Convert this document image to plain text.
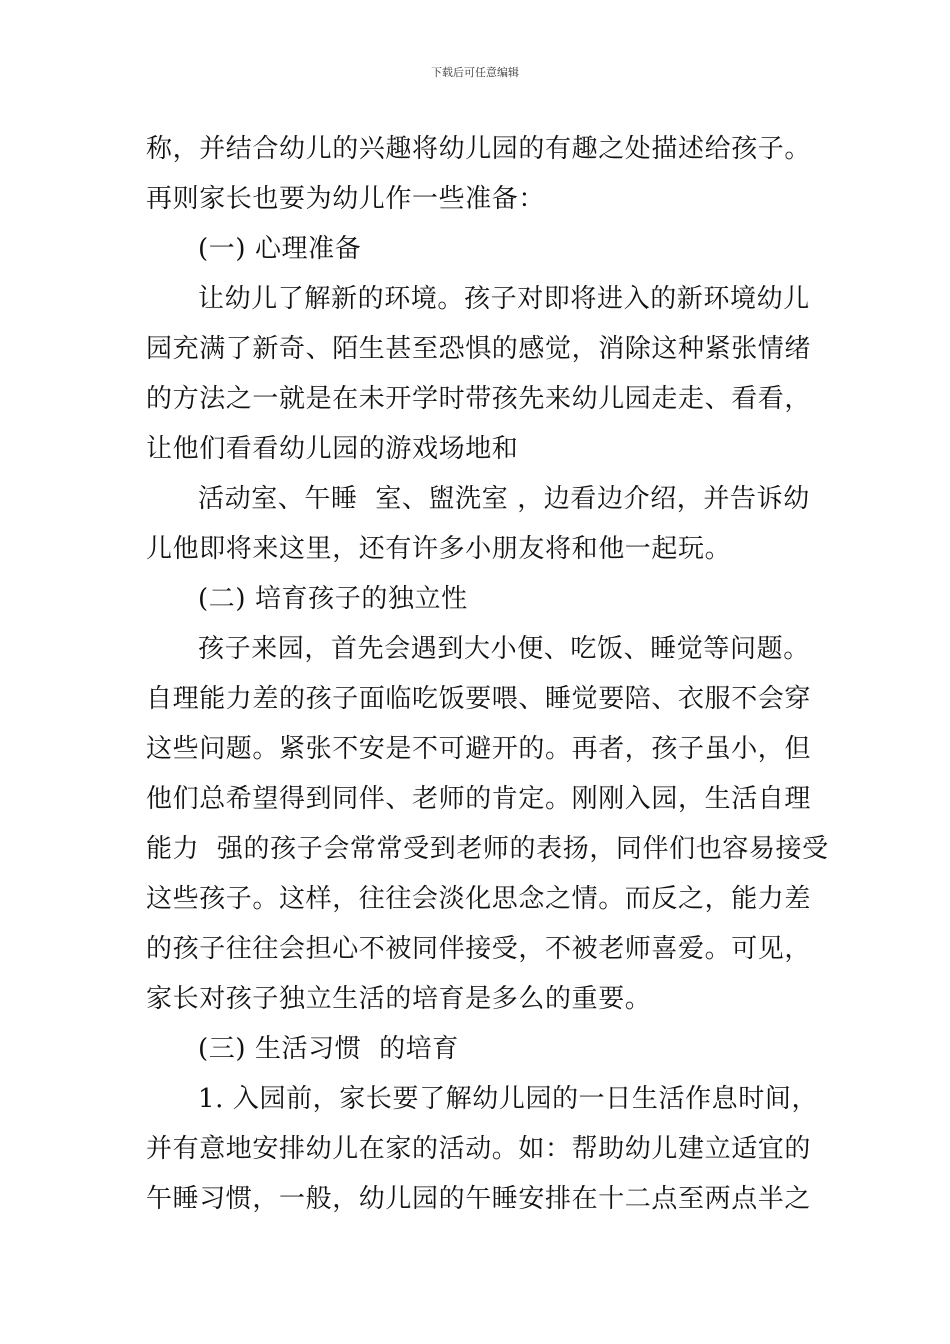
下载后可任意编辑
称，并结合幼儿的兴趣将幼儿园的有趣之处描述给孩子。
再则家长也要为幼儿作一些准备：
(一) 心理准备
让幼儿了解新的环境。孩子对即将进入的新环境幼儿
园充满了新奇、陌生甚至恐惧的感觉，消除这种紧张情绪
的方法之一就是在未开学时带孩先来幼儿园走走、看看，
让他们看看幼儿园的游戏场地和
活动室、午睡  室、盥洗室 ，边看边介绍，并告诉幼
儿他即将来这里，还有许多小朋友将和他一起玩。
(二) 培育孩子的独立性
孩子来园，首先会遇到大小便、吃饭、睡觉等问题。
自理能力差的孩子面临吃饭要喂、睡觉要陪、衣服不会穿
这些问题。紧张不安是不可避开的。再者，孩子虽小，但
他们总希望得到同伴、老师的肯定。刚刚入园，生活自理
能力  强的孩子会常常受到老师的表扬，同伴们也容易接受
这些孩子。这样，往往会淡化思念之情。而反之，能力差
的孩子往往会担心不被同伴接受，不被老师喜爱。可见，
家长对孩子独立生活的培育是多么的重要。
(三) 生活习惯  的培育
1. 入园前，家长要了解幼儿园的一日生活作息时间，
并有意地安排幼儿在家的活动。如：帮助幼儿建立适宜的
午睡习惯，一般，幼儿园的午睡安排在十二点至两点半之
